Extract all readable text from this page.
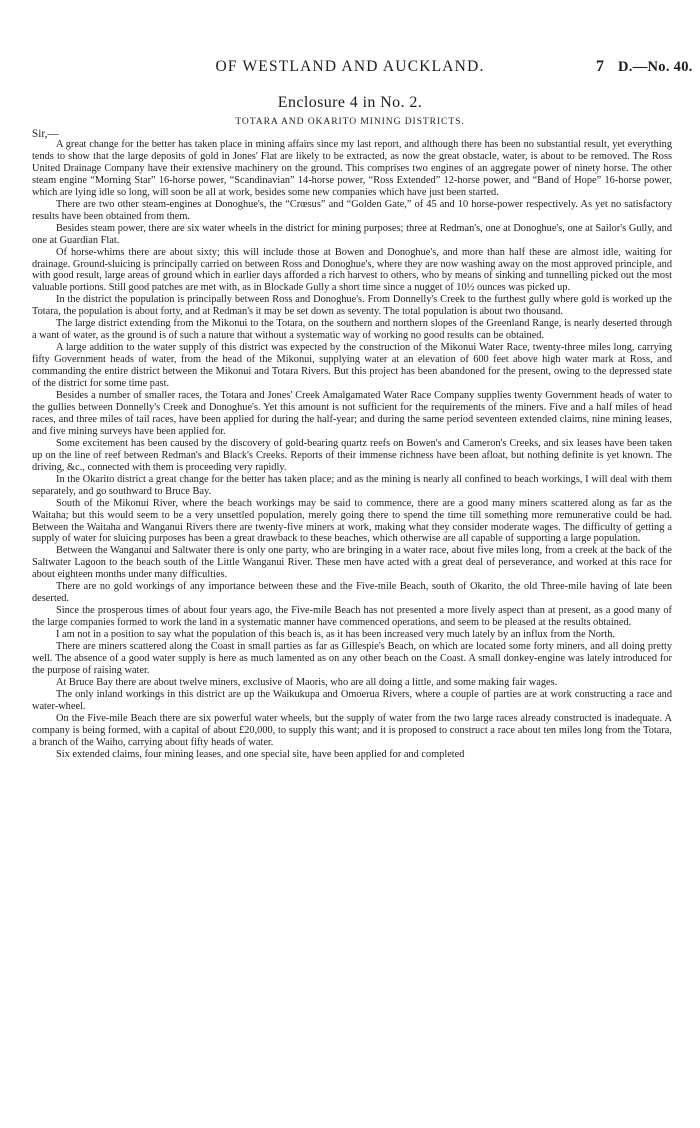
OF WESTLAND AND AUCKLAND.	7 D.—No. 40.
Enclosure 4 in No. 2.
TOTARA AND OKARITO MINING DISTRICTS.
Sir,—

A great change for the better has taken place in mining affairs since my last report, and although there has been no substantial result, yet everything tends to show that the large deposits of gold in Jones' Flat are likely to be extracted, as now the great obstacle, water, is about to be removed. The Ross United Drainage Company have their extensive machinery on the ground. This comprises two engines of an aggregate power of ninety horse. The other steam engine “Morning Star” 16-horse power, “Scandinavian” 14-horse power, “Ross Extended” 12-horse power, and “Band of Hope” 16-horse power, which are lying idle so long, will soon be all at work, besides some new companies which have just been started.

There are two other steam-engines at Donoghue's, the “Crœsus” and “Golden Gate,” of 45 and 10 horse-power respectively. As yet no satisfactory results have been obtained from them.

Besides steam power, there are six water wheels in the district for mining purposes; three at Redman's, one at Donoghue's, one at Sailor's Gully, and one at Guardian Flat.

Of horse-whims there are about sixty; this will include those at Bowen and Donoghue's, and more than half these are almost idle, waiting for drainage. Ground-sluicing is principally carried on between Ross and Donoghue's, where they are now washing away on the most approved principle, and with good result, large areas of ground which in earlier days afforded a rich harvest to others, who by means of sinking and tunnelling picked out the most valuable portions. Still good patches are met with, as in Blockade Gully a short time since a nugget of 10½ ounces was picked up.

In the district the population is principally between Ross and Donoghue's. From Donnelly's Creek to the furthest gully where gold is worked up the Totara, the population is about forty, and at Redman's it may be set down as seventy. The total population is about two thousand.

The large district extending from the Mikonui to the Totara, on the southern and northern slopes of the Greenland Range, is nearly deserted through a want of water, as the ground is of such a nature that without a systematic way of working no good results can be obtained.

A large addition to the water supply of this district was expected by the construction of the Mikonui Water Race, twenty-three miles long, carrying fifty Government heads of water, from the head of the Mikonui, supplying water at an elevation of 600 feet above high water mark at Ross, and commanding the entire district between the Mikonui and Totara Rivers. But this project has been abandoned for the present, owing to the depressed state of the district for some time past.

Besides a number of smaller races, the Totara and Jones' Creek Amalgamated Water Race Company supplies twenty Government heads of water to the gullies between Donnelly's Creek and Donoghue's. Yet this amount is not sufficient for the requirements of the miners. Five and a half miles of head races, and three miles of tail races, have been applied for during the half-year; and during the same period seventeen extended claims, nine mining leases, and five mining surveys have been applied for.

Some excitement has been caused by the discovery of gold-bearing quartz reefs on Bowen's and Cameron's Creeks, and six leases have been taken up on the line of reef between Redman's and Black's Creeks. Reports of their immense richness have been afloat, but nothing definite is yet known. The driving, &c., connected with them is proceeding very rapidly.

In the Okarito district a great change for the better has taken place; and as the mining is nearly all confined to beach workings, I will deal with them separately, and go southward to Bruce Bay.

South of the Mikonui River, where the beach workings may be said to commence, there are a good many miners scattered along as far as the Waitaha; but this would seem to be a very unsettled population, merely going there to spend the time till something more remunerative could be had. Between the Waitaha and Wanganui Rivers there are twenty-five miners at work, making what they consider moderate wages. The difficulty of getting a supply of water for sluicing purposes has been a great drawback to these beaches, which otherwise are all capable of supporting a large population.

Between the Wanganui and Saltwater there is only one party, who are bringing in a water race, about five miles long, from a creek at the back of the Saltwater Lagoon to the beach south of the Little Wanganui River. These men have acted with a great deal of perseverance, and worked at this race for about eighteen months under many difficulties.

There are no gold workings of any importance between these and the Five-mile Beach, south of Okarito, the old Three-mile having of late been deserted.

Since the prosperous times of about four years ago, the Five-mile Beach has not presented a more lively aspect than at present, as a good many of the large companies formed to work the land in a systematic manner have commenced operations, and seem to be pleased at the results obtained.

I am not in a position to say what the population of this beach is, as it has been increased very much lately by an influx from the North.

There are miners scattered along the Coast in small parties as far as Gillespie's Beach, on which are located some forty miners, and all doing pretty well. The absence of a good water supply is here as much lamented as on any other beach on the Coast. A small donkey-engine was lately introduced for the purpose of raising water.

At Bruce Bay there are about twelve miners, exclusive of Maoris, who are all doing a little, and some making fair wages.

The only inland workings in this district are up the Waikukupa and Omoerua Rivers, where a couple of parties are at work constructing a race and water-wheel.

On the Five-mile Beach there are six powerful water wheels, but the supply of water from the two large races already constructed is inadequate. A company is being formed, with a capital of about £20,000, to supply this want; and it is proposed to construct a race about ten miles long from the Totara, a branch of the Waiho, carrying about fifty heads of water.

Six extended claims, four mining leases, and one special site, have been applied for and completed
